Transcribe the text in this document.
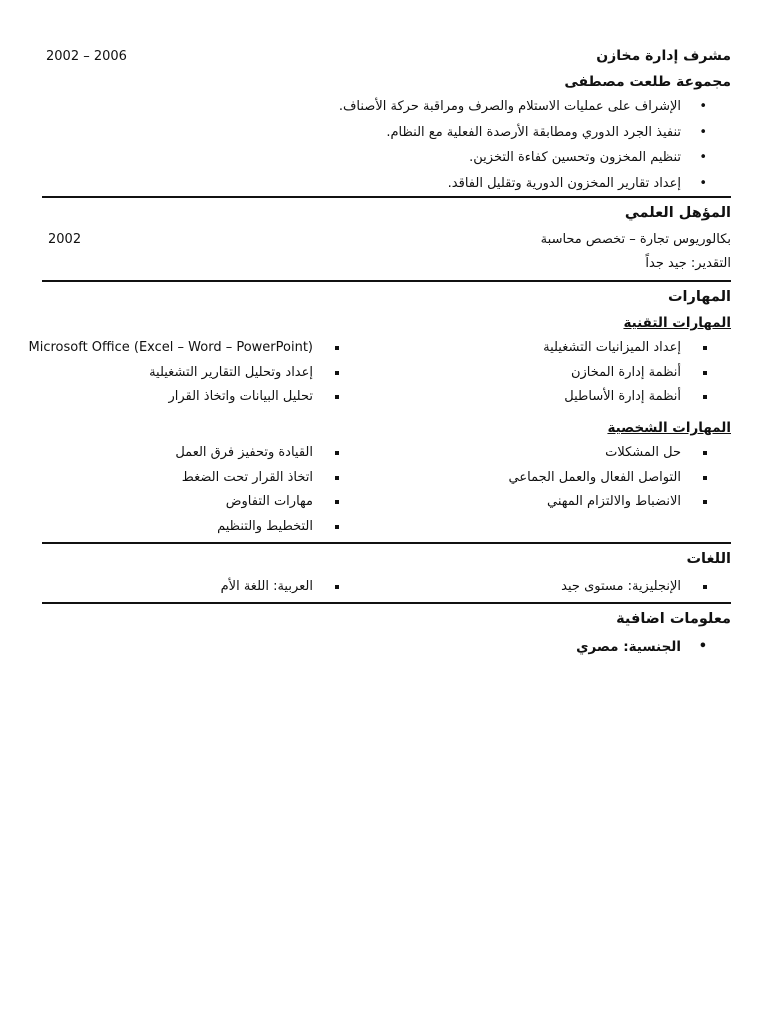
مشرف إدارة مخازن
2002 – 2006
مجموعة طلعت مصطفى
• الإشراف على عمليات الاستلام والصرف ومراقبة حركة الأصناف.
• تنفيذ الجرد الدوري ومطابقة الأرصدة الفعلية مع النظام.
• تنظيم المخزون وتحسين كفاءة التخزين.
• إعداد تقارير المخزون الدورية وتقليل الفاقد.
المؤهل العلمي
بكالوريوس تجارة – تخصص محاسبة
2002
التقدير: جيد جداً
المهارات
المهارات التقنية
إعداد الميزانيات التشغيلية
أنظمة إدارة المخازن
أنظمة إدارة الأساطيل
Microsoft Office (Excel – Word – PowerPoint)
إعداد وتحليل التقارير التشغيلية
تحليل البيانات واتخاذ القرار
المهارات الشخصية
حل المشكلات
التواصل الفعال والعمل الجماعي
الانضباط والالتزام المهني
القيادة وتحفيز فرق العمل
اتخاذ القرار تحت الضغط
مهارات التفاوض
التخطيط والتنظيم
اللغات
الإنجليزية: مستوى جيد
العربية: اللغة الأم
معلومات اضافية
• الجنسية: مصري
